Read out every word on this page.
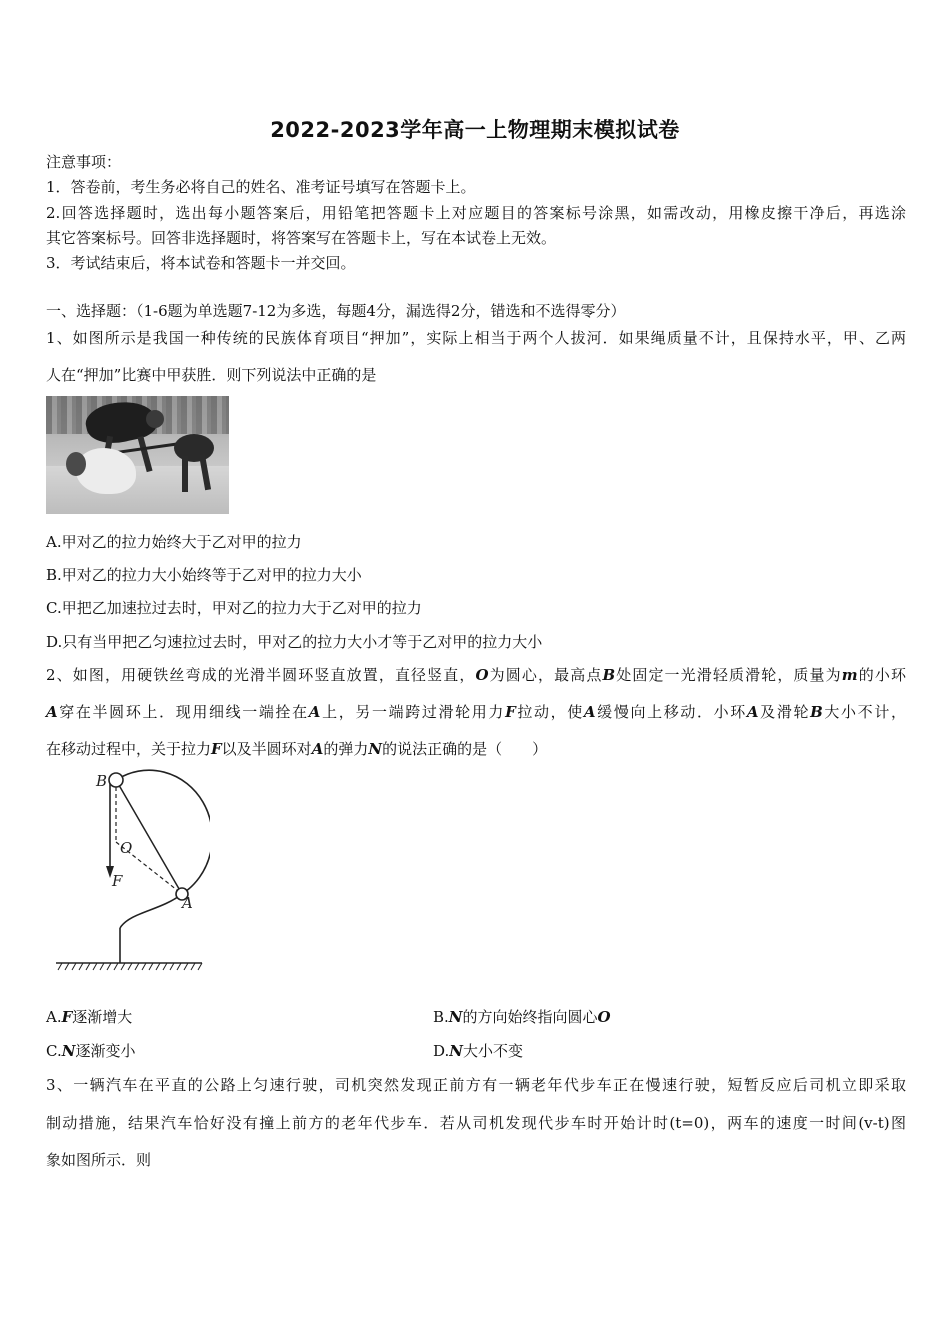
2022-2023学年高一上物理期末模拟试卷
注意事项：
1．答卷前，考生务必将自己的姓名、准考证号填写在答题卡上。
2.回答选择题时，选出每小题答案后，用铅笔把答题卡上对应题目的答案标号涂黑，如需改动，用橡皮擦干净后，再选涂
其它答案标号。回答非选择题时，将答案写在答题卡上，写在本试卷上无效。
3．考试结束后，将本试卷和答题卡一并交回。
一、选择题：（1-6题为单选题7-12为多选，每题4分，漏选得2分，错选和不选得零分）
1、如图所示是我国一种传统的民族体育项目“押加”，实际上相当于两个人拔河．如果绳质量不计，且保持水平，甲、乙两
人在“押加”比赛中甲获胜．则下列说法中正确的是
A.甲对乙的拉力始终大于乙对甲的拉力
B.甲对乙的拉力大小始终等于乙对甲的拉力大小
C.甲把乙加速拉过去时，甲对乙的拉力大于乙对甲的拉力
D.只有当甲把乙匀速拉过去时，甲对乙的拉力大小才等于乙对甲的拉力大小
2、如图，用硬铁丝弯成的光滑半圆环竖直放置，直径竖直，O为圆心，最高点B处固定一光滑轻质滑轮，质量为m的小环
A穿在半圆环上．现用细线一端拴在A上，另一端跨过滑轮用力F拉动，使A缓慢向上移动．小环A及滑轮B大小不计，
在移动过程中，关于拉力F以及半圆环对A的弹力N的说法正确的是（　　）
B
O
F
A
A.F逐渐增大	B.N的方向始终指向圆心O
C.N逐渐变小	D.N大小不变
3、一辆汽车在平直的公路上匀速行驶，司机突然发现正前方有一辆老年代步车正在慢速行驶，短暂反应后司机立即采取
制动措施，结果汽车恰好没有撞上前方的老年代步车．若从司机发现代步车时开始计时(t=0)，两车的速度一时间(v-t)图
象如图所示．则
